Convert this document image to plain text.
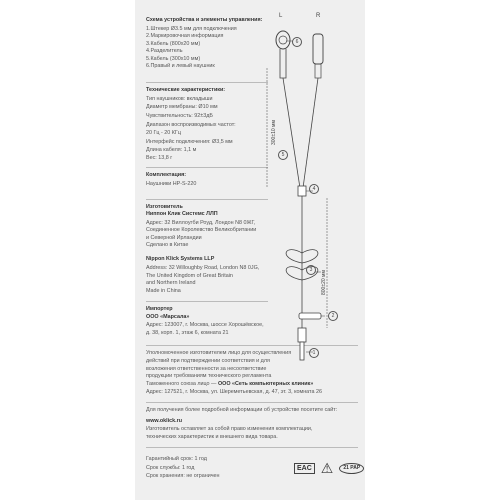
Схема устройства и элементы управления:
1.Штекер Ø3.5 мм для подключения
2.Маркировочная информация
3.Кабель (800х20 мм)
4.Разделитель
5.Кабель (300х10 мм)
6.Правый и левый наушник
Технические характеристики:
Тип наушников: вкладыши
Диаметр мембраны: Ø10 мм
Чувствительность: 92±3дБ
Диапазон воспроизводимых частот:
20 Гц - 20 КГц
Интерфейс подключения: Ø3,5 мм
Длина кабеля: 1,1 м
Вес: 13,8 г
Комплектация:
Наушники HP-S-220
Изготовитель
Ниппон Клик Системс ЛЛП
Адрес: 32 Виллоугби Роуд, Лондон N8 0ЖГ,
Соединенное Королевство Великобритании
и Северной Ирландии
Сделано в Китае
Nippon Klick Systems LLP
Address: 32 Willoughby Road, London N8 0JG,
The United Kingdom of Great Britain
and Northern Ireland
Made in China
Импортер
ООО «Марсала»
Адрес: 123007, г. Москва, шоссе Хорошёвское,
д. 38, корп. 1, этаж 6, комната 21
Уполномоченное изготовителем лицо для осуществления
действий при подтверждении соответствия и для
возложения ответственности за несоответствие
продукции требованиям технического регламента
Таможенного союза лицо — ООО «Сеть компьютерных клиник»
Адрес: 127521, г. Москва, ул. Шереметьевская, д. 47, эт. 3, комната 26
Для получения более подробной информации об устройстве посетите сайт:
www.oklick.ru
Изготовитель оставляет за собой право изменения комплектации,
технических характеристик и внешнего вида товара.
Гарантийный срок: 1 год
Срок службы: 1 год
Срок хранения: не ограничен
L	R
6
5
4
3
2
1
300±10 мм
800±20 мм
EAC ⚠	21 PAP
